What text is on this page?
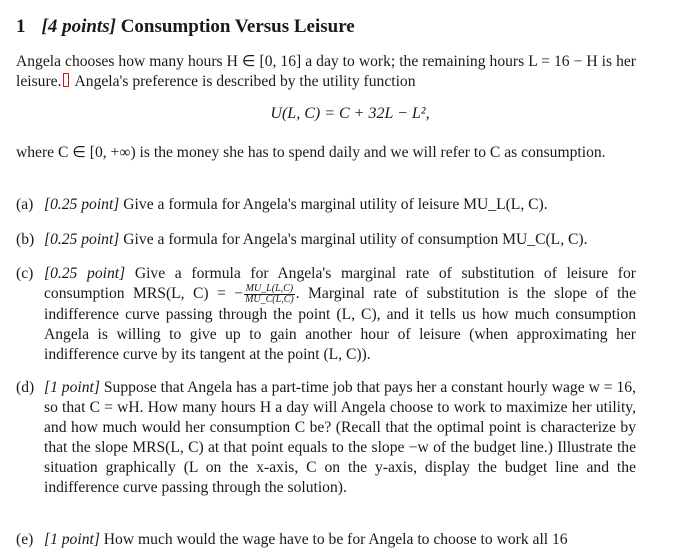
1 [4 points] Consumption Versus Leisure
Angela chooses how many hours H ∈ [0, 16] a day to work; the remaining hours L = 16 − H is her leisure. Angela's preference is described by the utility function
U(L, C) = C + 32L − L²,
where C ∈ [0, +∞) is the money she has to spend daily and we will refer to C as consumption.
(a) [0.25 point] Give a formula for Angela's marginal utility of leisure MU_L(L, C).
(b) [0.25 point] Give a formula for Angela's marginal utility of consumption MU_C(L, C).
(c) [0.25 point] Give a formula for Angela's marginal rate of substitution of leisure for consumption MRS(L, C) = − $\frac{MU\_L(L,C)}{MU\_C(L,C)}$ . Marginal rate of substitution is the slope of the indifference curve passing through the point (L, C), and it tells us how much consumption Angela is willing to give up to gain another hour of leisure (when approximating her indifference curve by its tangent at the point (L, C)).
(d) [1 point] Suppose that Angela has a part-time job that pays her a constant hourly wage w = 16, so that C = wH. How many hours H a day will Angela choose to work to maximize her utility, and how much would her consumption C be? (Recall that the optimal point is characterize by that the slope MRS(L, C) at that point equals to the slope −w of the budget line.) Illustrate the situation graphically (L on the x-axis, C on the y-axis, display the budget line and the indifference curve passing through the solution).
(e) [1 point] How much would the wage have to be for Angela to choose to work all 16
